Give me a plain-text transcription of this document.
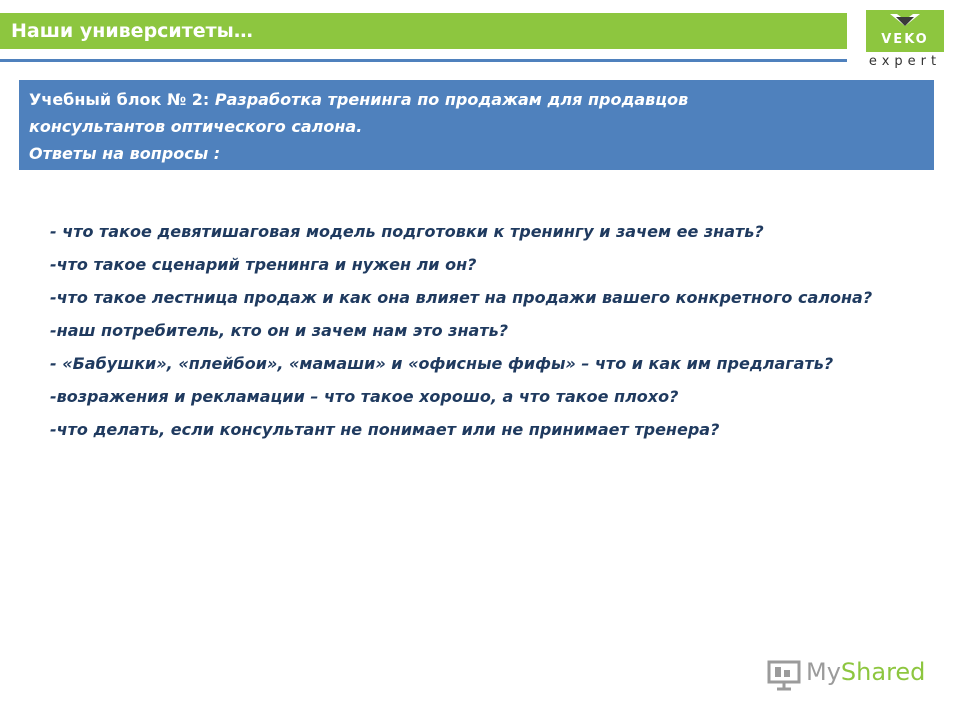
Наши университеты…	VEKO
expert
Учебный блок № 2: Разработка тренинга по продажам для продавцов
консультантов оптического салона.
Ответы на вопросы :
- что такое девятишаговая модель подготовки к тренингу и зачем ее знать?
-что такое сценарий тренинга и нужен ли он?
-что такое лестница продаж и как она влияет на продажи вашего конкретного салона?
-наш потребитель, кто он и зачем нам это знать?
- «Бабушки», «плейбои», «мамаши» и «офисные фифы» – что и как им предлагать?
-возражения и рекламации – что такое хорошо, а что такое плохо?
-что делать, если консультант не понимает или не принимает тренера?
MyShared
